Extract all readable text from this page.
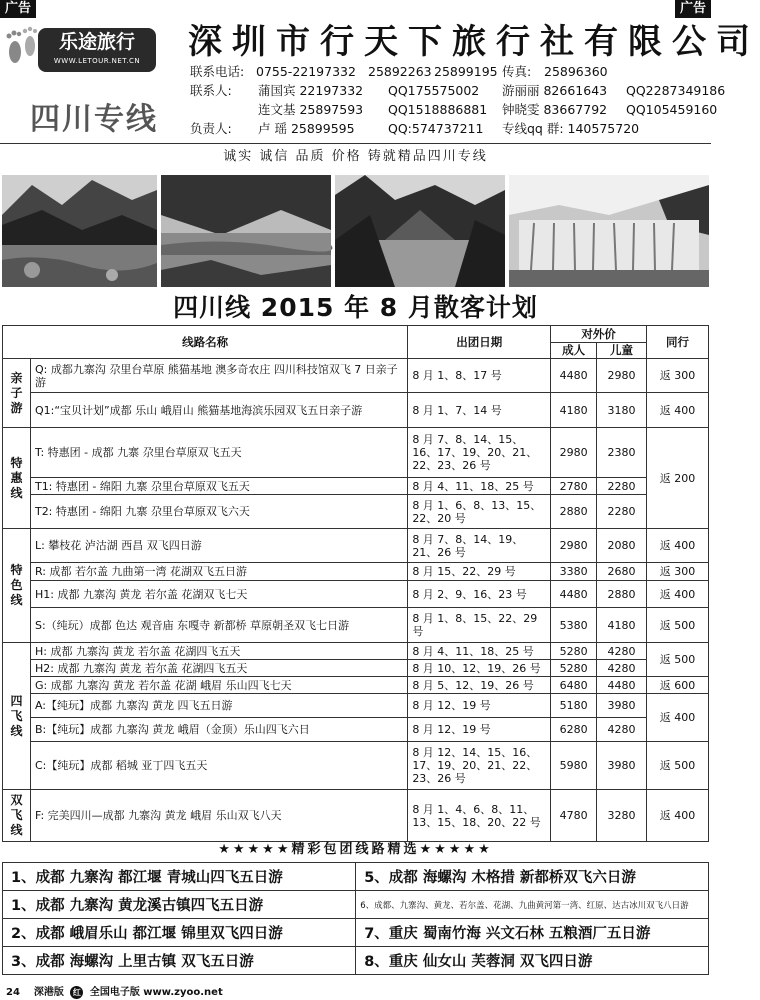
广告	广告
乐途旅行
WWW.LETOUR.NET.CN
四川专线
深圳市行天下旅行社有限公司
联系电话: 0755-22197332 25892263 25899195 传真: 25896360
联系人: 蒲国宾 22197332 QQ175575002 游丽丽 82661643 QQ2287349186
连文基 25897593 QQ1518886881 钟晓雯 83667792 QQ105459160
负责人: 卢 瑶 25899595	QQ:574737211 专线qq 群: 140575720
诚实 诚信 品质 价格 铸就精品四川专线
四川线 2015 年 8 月散客计划
线路名称		出团日期	对外价		同行
			成人	儿童	
亲
子
游	Q: 成都九寨沟 尕里台草原 熊猫基地 澳多奇农庄 四川科技馆双飞 7 日亲子游	8 月 1、8、17 号	4480	2980	返 300
	Q1:“宝贝计划”成都 乐山 峨眉山 熊猫基地海滨乐园双飞五日亲子游	8 月 1、7、14 号	4180	3180	返 400
特
惠
线	T: 特惠团 - 成都 九寨 尕里台草原双飞五天	8 月 7、8、14、15、16、17、19、20、21、22、23、26 号	2980	2380	返 200
	T1: 特惠团 - 绵阳 九寨 尕里台草原双飞五天	8 月 4、11、18、25 号	2780	2280	
	T2: 特惠团 - 绵阳 九寨 尕里台草原双飞六天	8 月 1、6、8、13、15、22、20 号	2880	2280	
特
色
线	L: 攀枝花 泸沽湖 西昌 双飞四日游	8 月 7、8、14、19、21、26 号	2980	2080	返 400
	R: 成都 若尔盖 九曲第一湾 花湖双飞五日游	8 月 15、22、29 号	3380	2680	返 300
	H1: 成都 九寨沟 黄龙 若尔盖 花湖双飞七天	8 月 2、9、16、23 号	4480	2880	返 400
	S:（纯玩）成都 色达 观音庙 东嘎寺 新都桥 草原朝圣双飞七日游	8 月 1、8、15、22、29 号	5380	4180	返 500
四
飞
线	H: 成都 九寨沟 黄龙 若尔盖 花湖四飞五天	8 月 4、11、18、25 号	5280	4280	返 500
	H2: 成都 九寨沟 黄龙 若尔盖 花湖四飞五天	8 月 10、12、19、26 号	5280	4280	
	G: 成都 九寨沟 黄龙 若尔盖 花湖 峨眉 乐山四飞七天	8 月 5、12、19、26 号	6480	4480	返 600
	A:【纯玩】成都 九寨沟 黄龙 四飞五日游	8 月 12、19 号	5180	3980	返 400
	B:【纯玩】成都 九寨沟 黄龙 峨眉（金顶）乐山四飞六日	8 月 12、19 号	6280	4280	
	C:【纯玩】成都 稻城 亚丁四飞五天	8 月 12、14、15、16、17、19、20、21、22、23、26 号	5980	3980	返 500
双
飞
线	F: 完美四川—成都 九寨沟 黄龙 峨眉 乐山双飞八天	8 月 1、4、6、8、11、13、15、18、20、22 号	4780	3280	返 400
★★★★★精彩包团线路精选★★★★★
1、成都 九寨沟 都江堰 青城山四飞五日游	5、成都 海螺沟 木格措 新都桥双飞六日游
1、成都 九寨沟 黄龙溪古镇四飞五日游	6、成都、九寨沟、黄龙、若尔盖、花湖、九曲黄河第一湾、红原、达古冰川双飞八日游
2、成都 峨眉乐山 都江堰 锦里双飞四日游	7、重庆 蜀南竹海 兴文石林 五粮酒厂五日游
3、成都 海螺沟 上里古镇 双飞五日游	8、重庆 仙女山 芙蓉洞 双飞四日游
24 深港版 红 全国电子版 www.zyoo.net
